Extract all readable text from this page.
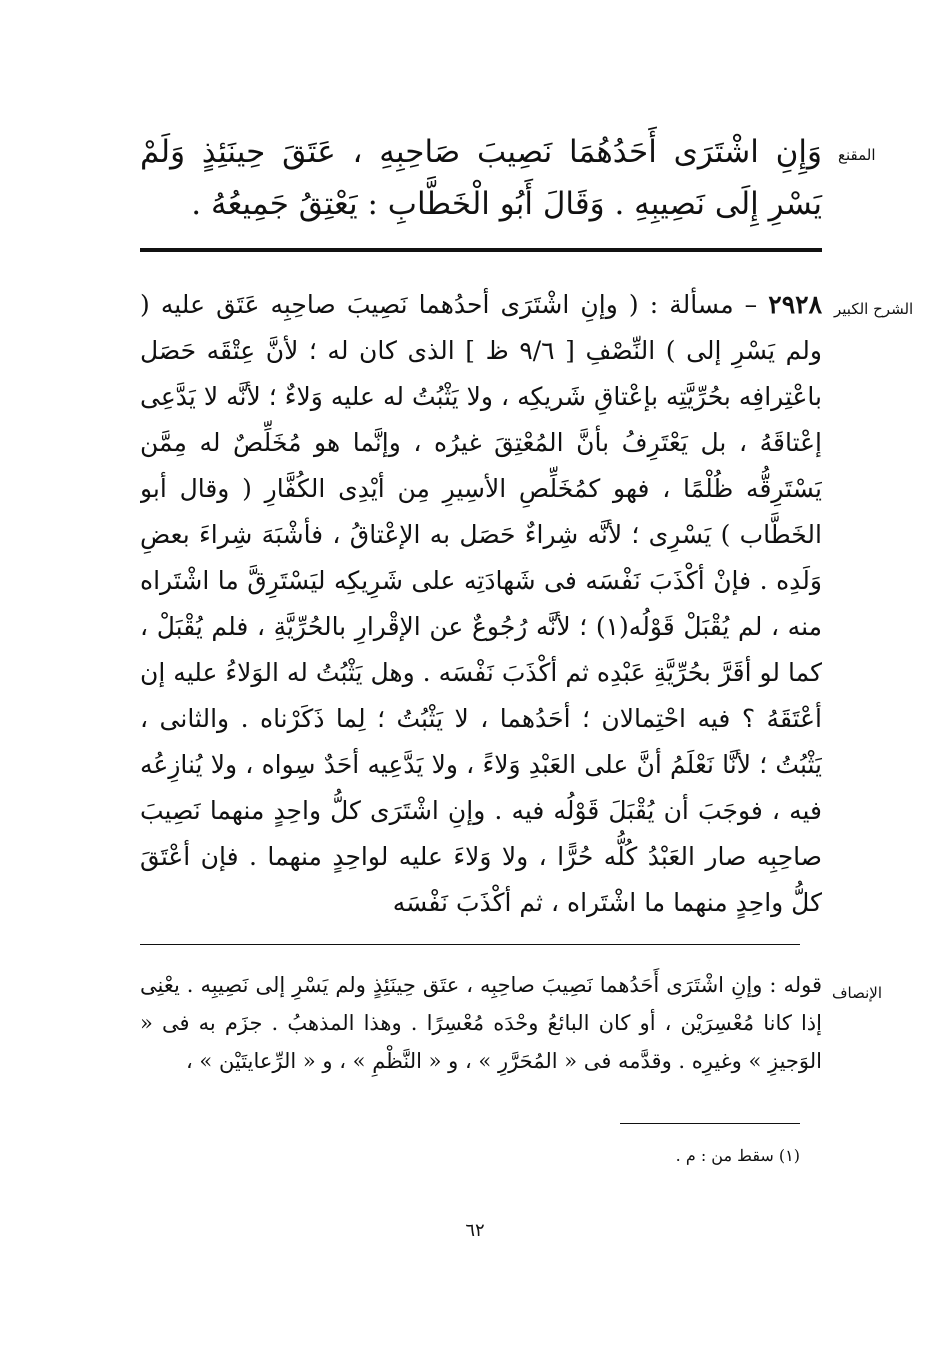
المقنع
وَإِنِ اشْتَرَى أَحَدُهُمَا نَصِيبَ صَاحِبِهِ ، عَتَقَ حِينَئِذٍ وَلَمْ يَسْرِ إِلَى نَصِيبِهِ . وَقَالَ أَبُو الْخَطَّابِ : يَعْتِقُ جَمِيعُهُ .
الشرح الكبير
٢٩٢٨ – مسألة : ( وإنِ اشْتَرَى أحدُهما نَصِيبَ صاحِبِه عَتَق عليه ( ولم يَسْرِ إلى ) النِّصْفِ [ ٩/٦ ظ ] الذى كان له ؛ لأنَّ عِتْقَه حَصَل باعْتِرافِه بحُرِّيَّتِه بإعْتاقِ شَريكِه ، ولا يَثْبُتُ له عليه وَلاءٌ ؛ لأنَّه لا يَدَّعِى إعْتاقَهُ ، بل يَعْتَرِفُ بأنَّ المُعْتِقَ غيرُه ، وإنَّما هو مُخَلِّصٌ له مِمَّن يَسْتَرِقُّه ظُلْمًا ، فهو كمُخَلِّصِ الأسِيرِ مِن أيْدِى الكُفَّارِ ( وقال أبو الخَطَّاب ) يَسْرِى ؛ لأنَّه شِراءٌ حَصَل به الإعْتاقُ ، فأشْبَهَ شِراءَ بعضِ وَلَدِه . فإنْ أكْذَبَ نَفْسَه فى شَهادَتِه على شَرِيكِه ليَسْتَرِقَّ ما اشْتَراه منه ، لم يُقْبَلْ قَوْلُه(١) ؛ لأنَّه رُجُوعٌ عن الإقْرارِ بالحُرِّيَّةِ ، فلم يُقْبَلْ ، كما لو أقَرَّ بحُرِّيَّةِ عَبْدِه ثم أكْذَبَ نَفْسَه . وهل يَثْبُتُ له الوَلاءُ عليه إن أعْتَقَهُ ؟ فيه احْتِمالان ؛ أحَدُهما ، لا يَثْبُتُ ؛ لِما ذَكَرْناه . والثانى ، يَثْبُتُ ؛ لأنَّا نَعْلَمُ أنَّ على العَبْدِ وَلاءً ، ولا يَدَّعِيه أحَدٌ سِواه ، ولا يُنازِعُه فيه ، فوجَبَ أن يُقْبَلَ قَوْلُه فيه . وإنِ اشْتَرَى كلُّ واحِدٍ منهما نَصِيبَ صاحِبِه صار العَبْدُ كُلُّه حُرًّا ، ولا وَلاءَ عليه لواحِدٍ منهما . فإن أعْتَقَ كلُّ واحِدٍ منهما ما اشْتَراه ، ثم أكْذَبَ نَفْسَه
الإنصاف
قوله : وإنِ اشْتَرَى أَحَدُهما نَصِيبَ صاحِبِه ، عتَق حِينَئِذٍ ولم يَسْرِ إلى نَصِيبِه . يعْنِى إذا كانا مُعْسِرَيْن ، أو كان البائعُ وحْدَه مُعْسِرًا . وهذا المذهبُ . جزَم به فى « الوَجيزِ » وغيرِه . وقدَّمه فى « المُحَرَّرِ » ، و « النَّظْمِ » ، و « الرِّعايتَيْن » ،
(١) سقط من : م .
٦٢
